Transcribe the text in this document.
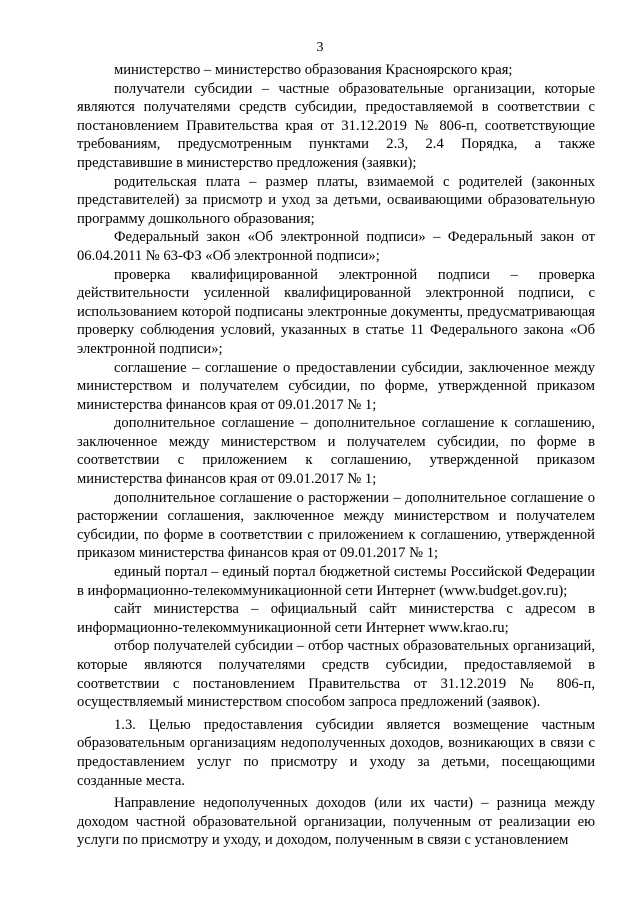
3

министерство – министерство образования Красноярского края;

получатели субсидии – частные образовательные организации, которые являются получателями средств субсидии, предоставляемой в соответствии с постановлением Правительства края от 31.12.2019 № 806-п, соответствующие требованиям, предусмотренным пунктами 2.3, 2.4 Порядка, а также представившие в министерство предложения (заявки);

родительская плата – размер платы, взимаемой с родителей (законных представителей) за присмотр и уход за детьми, осваивающими образовательную программу дошкольного образования;

Федеральный закон «Об электронной подписи» – Федеральный закон от 06.04.2011 № 63-ФЗ «Об электронной подписи»;

проверка квалифицированной электронной подписи – проверка действительности усиленной квалифицированной электронной подписи, с использованием которой подписаны электронные документы, предусматривающая проверку соблюдения условий, указанных в статье 11 Федерального закона «Об электронной подписи»;

соглашение – соглашение о предоставлении субсидии, заключенное между министерством и получателем субсидии, по форме, утвержденной приказом министерства финансов края от 09.01.2017 № 1;

дополнительное соглашение – дополнительное соглашение к соглашению, заключенное между министерством и получателем субсидии, по форме в соответствии с приложением к соглашению, утвержденной приказом министерства финансов края от 09.01.2017 № 1;

дополнительное соглашение о расторжении – дополнительное соглашение о расторжении соглашения, заключенное между министерством и получателем субсидии, по форме в соответствии с приложением к соглашению, утвержденной приказом министерства финансов края от 09.01.2017 № 1;

единый портал – единый портал бюджетной системы Российской Федерации в информационно-телекоммуникационной сети Интернет (www.budget.gov.ru);

сайт министерства – официальный сайт министерства с адресом в информационно-телекоммуникационной сети Интернет www.krao.ru;

отбор получателей субсидии – отбор частных образовательных организаций, которые являются получателями средств субсидии, предоставляемой в соответствии с постановлением Правительства от 31.12.2019 № 806-п, осуществляемый министерством способом запроса предложений (заявок).

1.3. Целью предоставления субсидии является возмещение частным образовательным организациям недополученных доходов, возникающих в связи с предоставлением услуг по присмотру и уходу за детьми, посещающими созданные места.

Направление недополученных доходов (или их части) – разница между доходом частной образовательной организации, полученным от реализации ею услуги по присмотру и уходу, и доходом, полученным в связи с установлением
